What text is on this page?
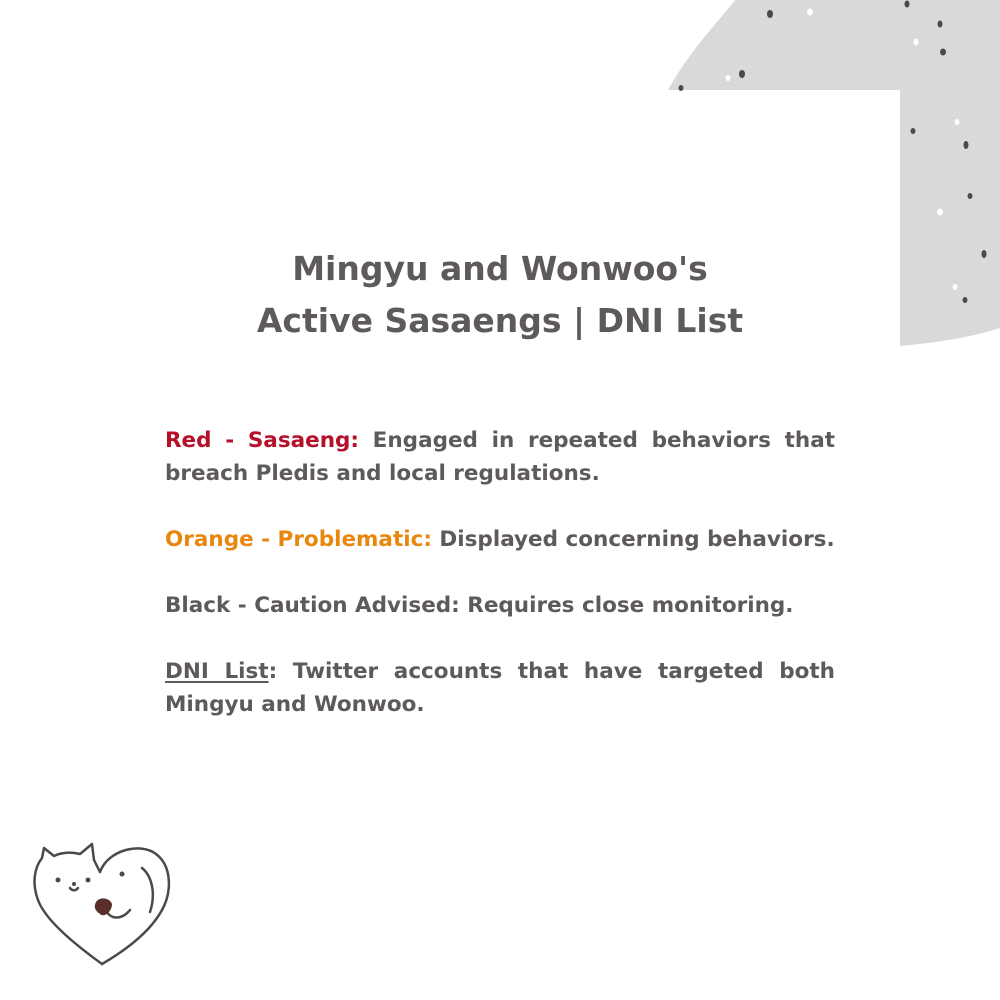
Mingyu and Wonwoo's
Active Sasaengs | DNI List
Red - Sasaeng: Engaged in repeated behaviors that breach Pledis and local regulations.
Orange - Problematic: Displayed concerning behaviors.
Black - Caution Advised: Requires close monitoring.
DNI List: Twitter accounts that have targeted both Mingyu and Wonwoo.
